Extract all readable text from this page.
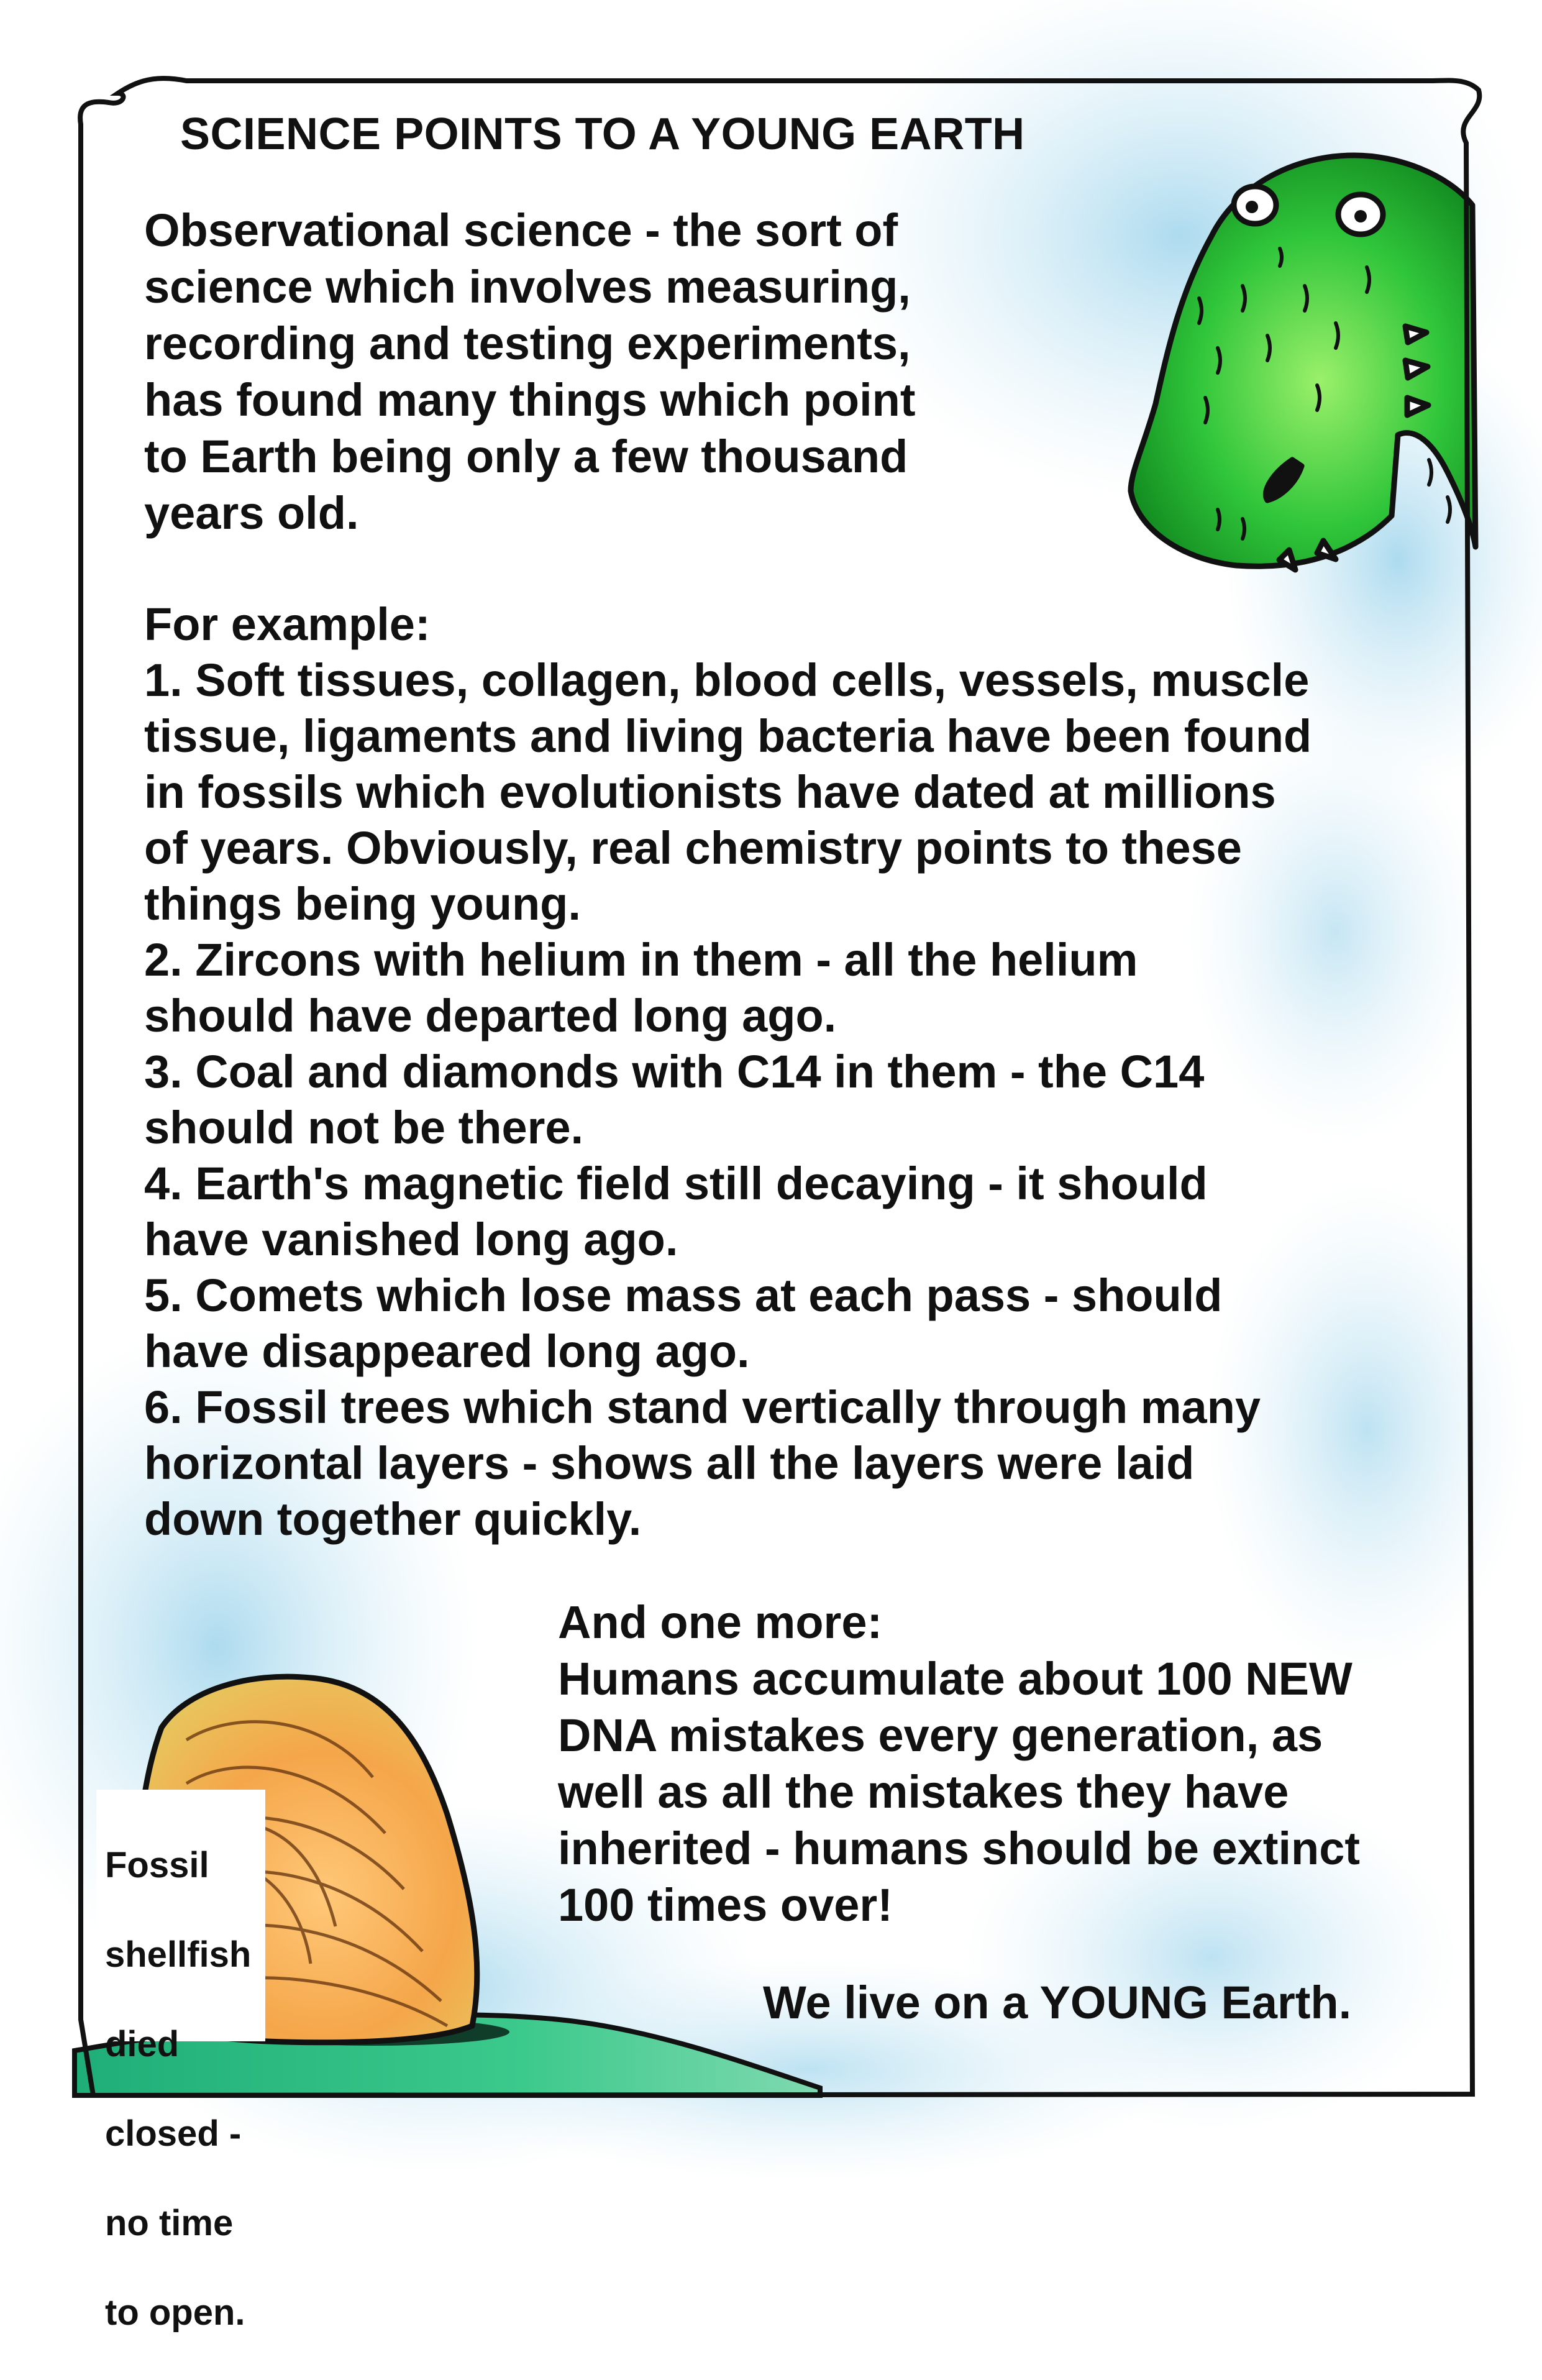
SCIENCE POINTS TO A YOUNG EARTH

Observational science - the sort of
science which involves measuring,
recording and testing experiments,
has found many things which point
to Earth being only a few thousand
years old.

For example:
1. Soft tissues, collagen, blood cells, vessels, muscle
tissue, ligaments and living bacteria have been found
in fossils which evolutionists have dated at millions
of years. Obviously, real chemistry points to these
things being young.
2. Zircons with helium in them - all the helium
should have departed long ago.
3. Coal and diamonds with C14 in them - the C14
should not be there.
4. Earth's magnetic field still decaying - it should
have vanished long ago.
5. Comets which lose mass at each pass - should
have disappeared long ago.
6. Fossil trees which stand vertically through many
horizontal layers - shows all the layers were laid
down together quickly.

And one more:
Humans accumulate about 100 NEW
DNA mistakes every generation, as
well as all the mistakes they have
inherited - humans should be extinct
100 times over!

We live on a YOUNG Earth.

Fossil

shellfish

died

closed -

no time

to open.
